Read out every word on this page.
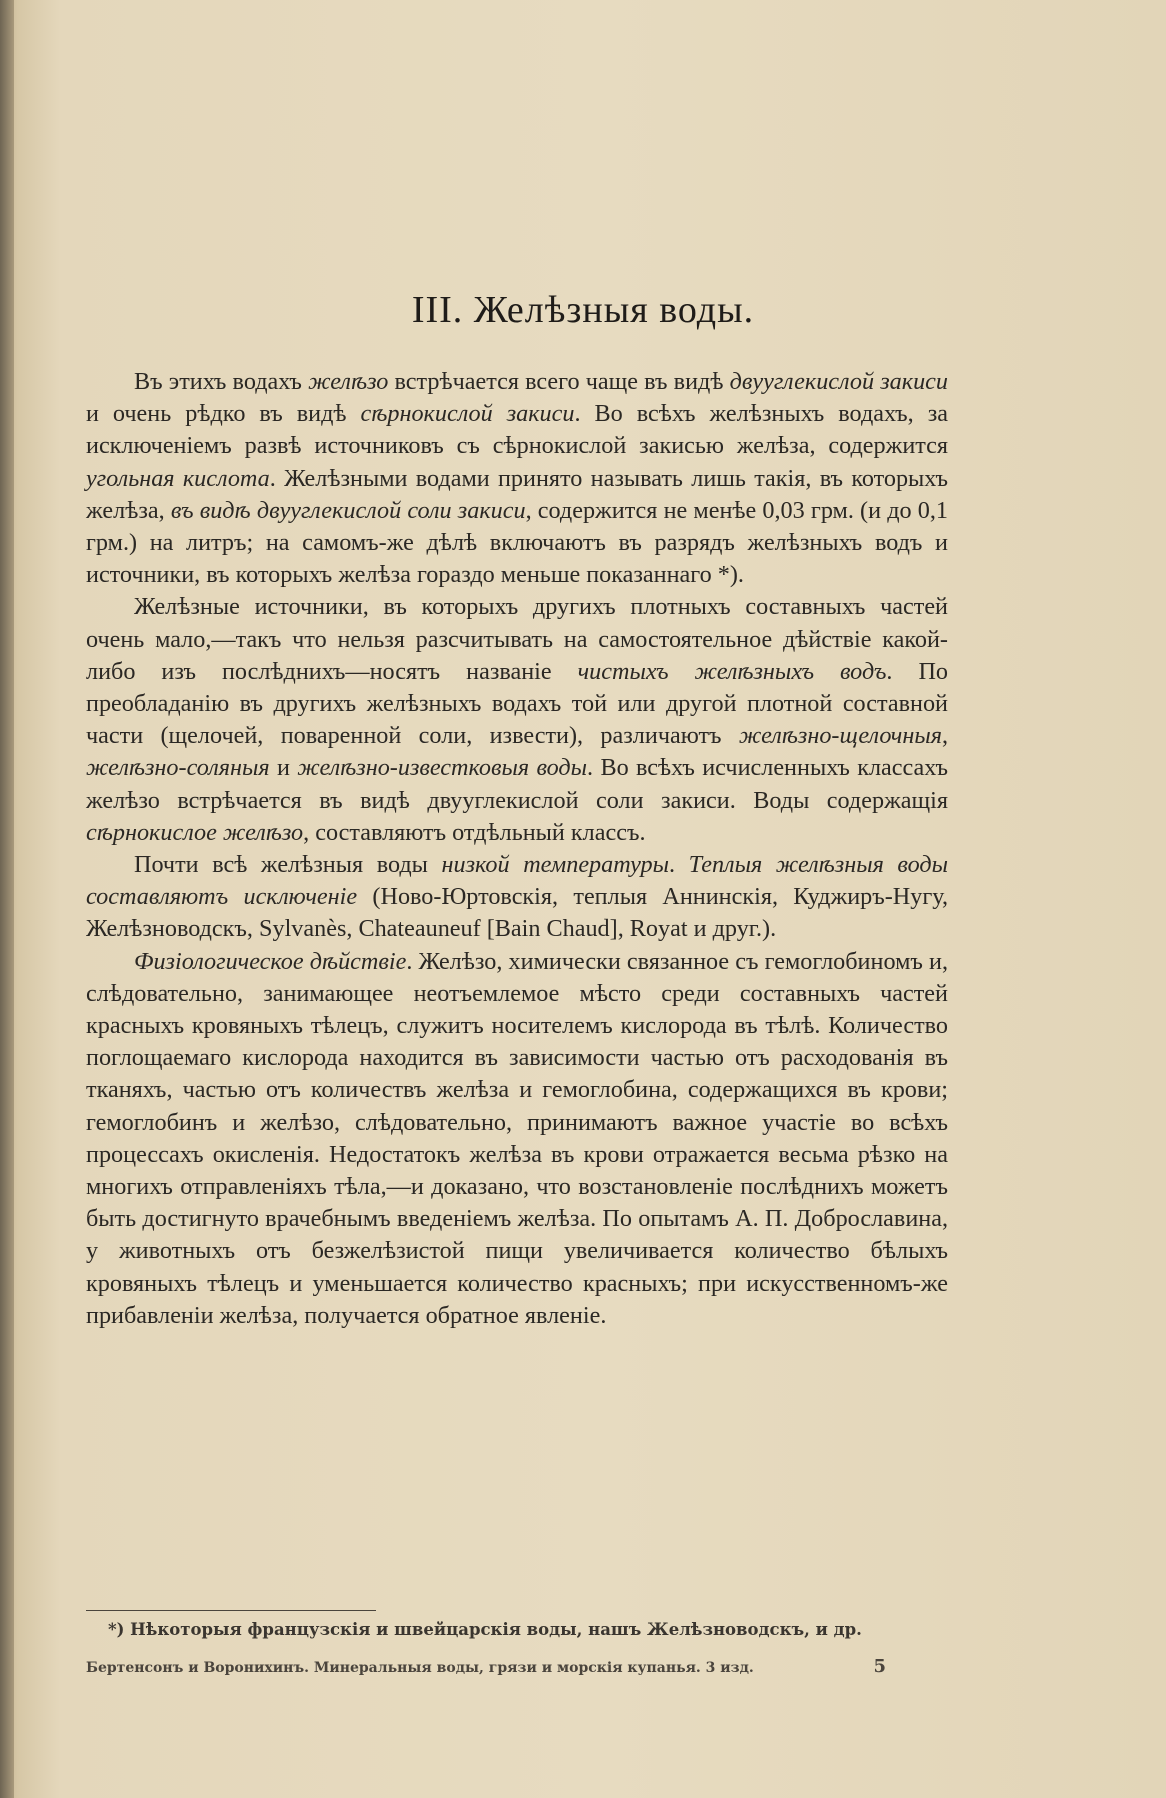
III. Желѣзныя воды.

Въ этихъ водахъ желѣзо встрѣчается всего чаще въ видѣ двууглекислой закиси и очень рѣдко въ видѣ сѣрнокислой закиси. Во всѣхъ желѣзныхъ водахъ, за исключеніемъ развѣ источниковъ съ сѣрнокислой закисью желѣза, содержится угольная кислота. Желѣзными водами принято называть лишь такія, въ которыхъ желѣза, въ видѣ двууглекислой соли закиси, содержится не менѣе 0,03 грм. (и до 0,1 грм.) на литръ; на самомъ-же дѣлѣ включаютъ въ разрядъ желѣзныхъ водъ и источники, въ которыхъ желѣза гораздо меньше показаннаго *).

Желѣзные источники, въ которыхъ другихъ плотныхъ составныхъ частей очень мало,—такъ что нельзя разсчитывать на самостоятельное дѣйствіе какой-либо изъ послѣднихъ—носятъ названіе чистыхъ желѣзныхъ водъ. По преобладанію въ другихъ желѣзныхъ водахъ той или другой плотной составной части (щелочей, поваренной соли, извести), различаютъ желѣзно-щелочныя, желѣзно-соляныя и желѣзно-известковыя воды. Во всѣхъ исчисленныхъ классахъ желѣзо встрѣчается въ видѣ двууглекислой соли закиси. Воды содержащія сѣрнокислое желѣзо, составляютъ отдѣльный классъ.

Почти всѣ желѣзныя воды низкой температуры. Теплыя желѣзныя воды составляютъ исключеніе (Ново-Юртовскія, теплыя Аннинскія, Куджиръ-Нугу, Желѣзноводскъ, Sylvanès, Chateauneuf [Bain Chaud], Royat и друг.).

Физіологическое дѣйствіе. Желѣзо, химически связанное съ гемоглобиномъ и, слѣдовательно, занимающее неотъемлемое мѣсто среди составныхъ частей красныхъ кровяныхъ тѣлецъ, служитъ носителемъ кислорода въ тѣлѣ. Количество поглощаемаго кислорода находится въ зависимости частью отъ расходованія въ тканяхъ, частью отъ количествъ желѣза и гемоглобина, содержащихся въ крови; гемоглобинъ и желѣзо, слѣдовательно, принимаютъ важное участіе во всѣхъ процессахъ окисленія. Недостатокъ желѣза въ крови отражается весьма рѣзко на многихъ отправленіяхъ тѣла,—и доказано, что возстановленіе послѣднихъ можетъ быть достигнуто врачебнымъ введеніемъ желѣза. По опытамъ А. П. Доброславина, у животныхъ отъ безжелѣзистой пищи увеличивается количество бѣлыхъ кровяныхъ тѣлецъ и уменьшается количество красныхъ; при искусственномъ-же прибавленіи желѣза, получается обратное явленіе.

*) Нѣкоторыя французскія и швейцарскія воды, нашъ Желѣзноводскъ, и др.
Бертенсонъ и Воронихинъ. Минеральныя воды, грязи и морскія купанья. 3 изд.	5
